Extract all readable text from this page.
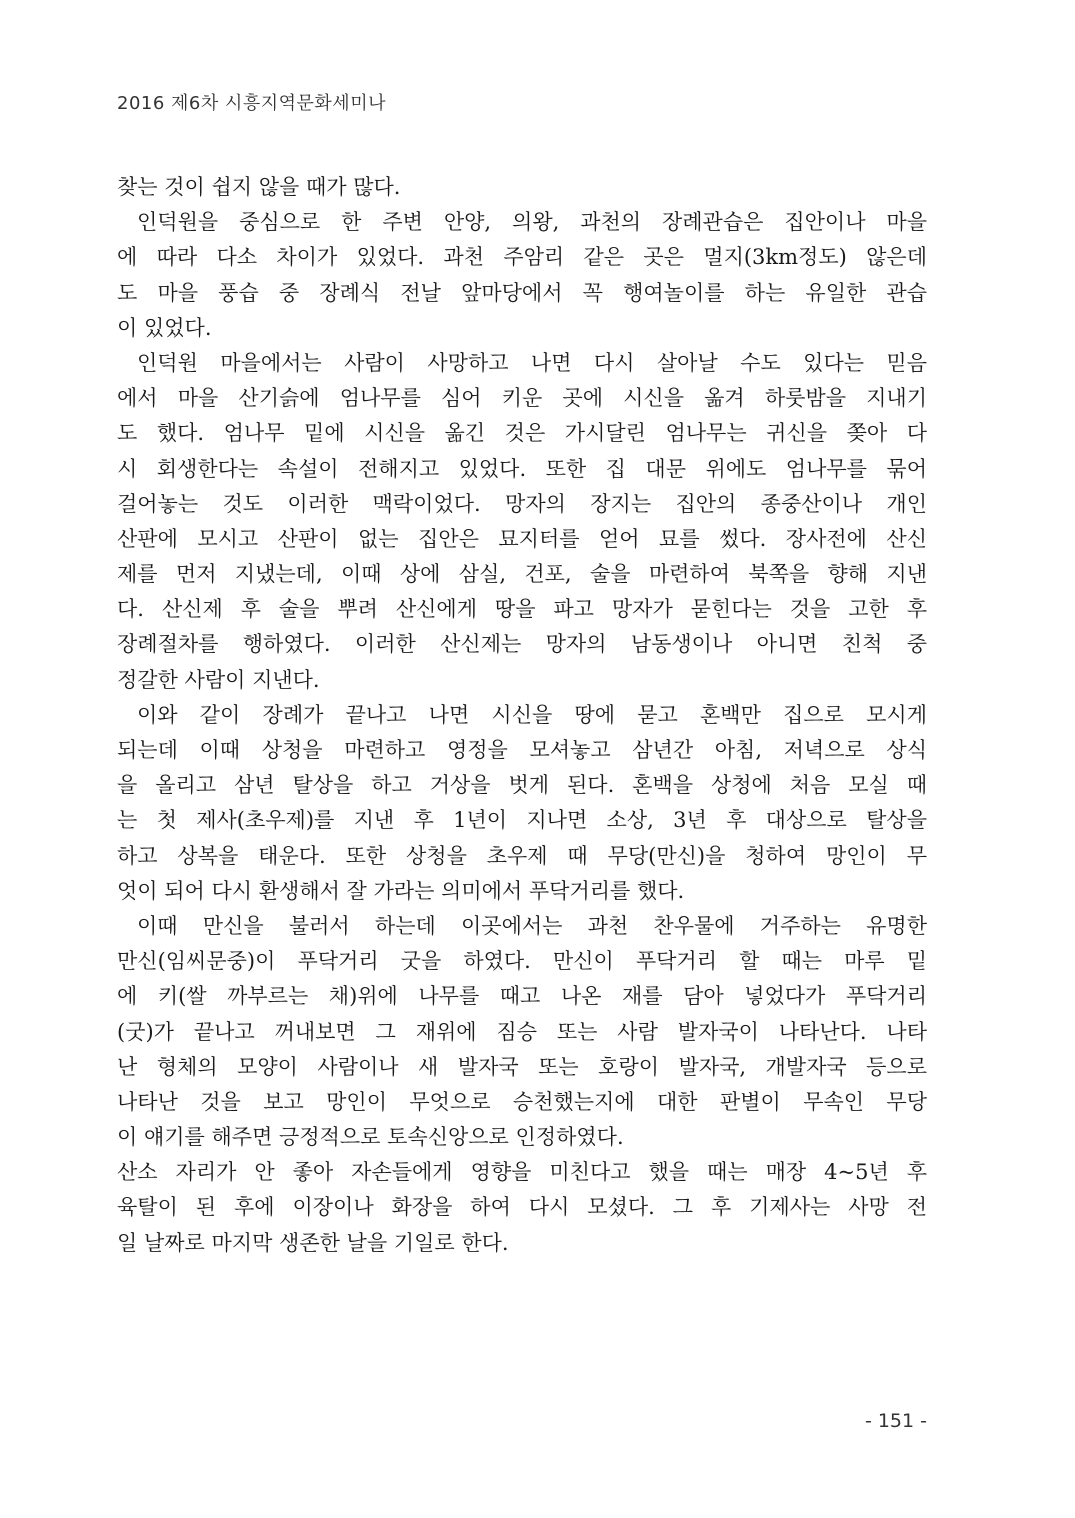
2016 제6차 시흥지역문화세미나
찾는 것이 쉽지 않을 때가 많다.
인덕원을 중심으로 한 주변 안양, 의왕, 과천의 장례관습은 집안이나 마을
에 따라 다소 차이가 있었다. 과천 주암리 같은 곳은 멀지(3km정도) 않은데
도 마을 풍습 중 장례식 전날 앞마당에서 꼭 행여놀이를 하는 유일한 관습
이 있었다.
인덕원 마을에서는 사람이 사망하고 나면 다시 살아날 수도 있다는 믿음
에서 마을 산기슭에 엄나무를 심어 키운 곳에 시신을 옮겨 하룻밤을 지내기
도 했다. 엄나무 밑에 시신을 옮긴 것은 가시달린 엄나무는 귀신을 쫒아 다
시 회생한다는 속설이 전해지고 있었다. 또한 집 대문 위에도 엄나무를 묶어
걸어놓는 것도 이러한 맥락이었다. 망자의 장지는 집안의 종중산이나 개인
산판에 모시고 산판이 없는 집안은 묘지터를 얻어 묘를 썼다. 장사전에 산신
제를 먼저 지냈는데, 이때 상에 삼실, 건포, 술을 마련하여 북쪽을 향해 지낸
다. 산신제 후 술을 뿌려 산신에게 땅을 파고 망자가 묻힌다는 것을 고한 후
장례절차를 행하였다. 이러한 산신제는 망자의 남동생이나 아니면 친척 중
정갈한 사람이 지낸다.
이와 같이 장례가 끝나고 나면 시신을 땅에 묻고 혼백만 집으로 모시게
되는데 이때 상청을 마련하고 영정을 모셔놓고 삼년간 아침, 저녁으로 상식
을 올리고 삼년 탈상을 하고 거상을 벗게 된다. 혼백을 상청에 처음 모실 때
는 첫 제사(초우제)를 지낸 후 1년이 지나면 소상, 3년 후 대상으로 탈상을
하고 상복을 태운다. 또한 상청을 초우제 때 무당(만신)을 청하여 망인이 무
엇이 되어 다시 환생해서 잘 가라는 의미에서 푸닥거리를 했다.
이때 만신을 불러서 하는데 이곳에서는 과천 찬우물에 거주하는 유명한
만신(임씨문중)이 푸닥거리 굿을 하였다. 만신이 푸닥거리 할 때는 마루 밑
에 키(쌀 까부르는 채)위에 나무를 때고 나온 재를 담아 넣었다가 푸닥거리
(굿)가 끝나고 꺼내보면 그 재위에 짐승 또는 사람 발자국이 나타난다. 나타
난 형체의 모양이 사람이나 새 발자국 또는 호랑이 발자국, 개발자국 등으로
나타난 것을 보고 망인이 무엇으로 승천했는지에 대한 판별이 무속인 무당
이 얘기를 해주면 긍정적으로 토속신앙으로 인정하였다.
산소 자리가 안 좋아 자손들에게 영향을 미친다고 했을 때는 매장 4~5년 후
육탈이 된 후에 이장이나 화장을 하여 다시 모셨다. 그 후 기제사는 사망 전
일 날짜로 마지막 생존한 날을 기일로 한다.
- 151 -
